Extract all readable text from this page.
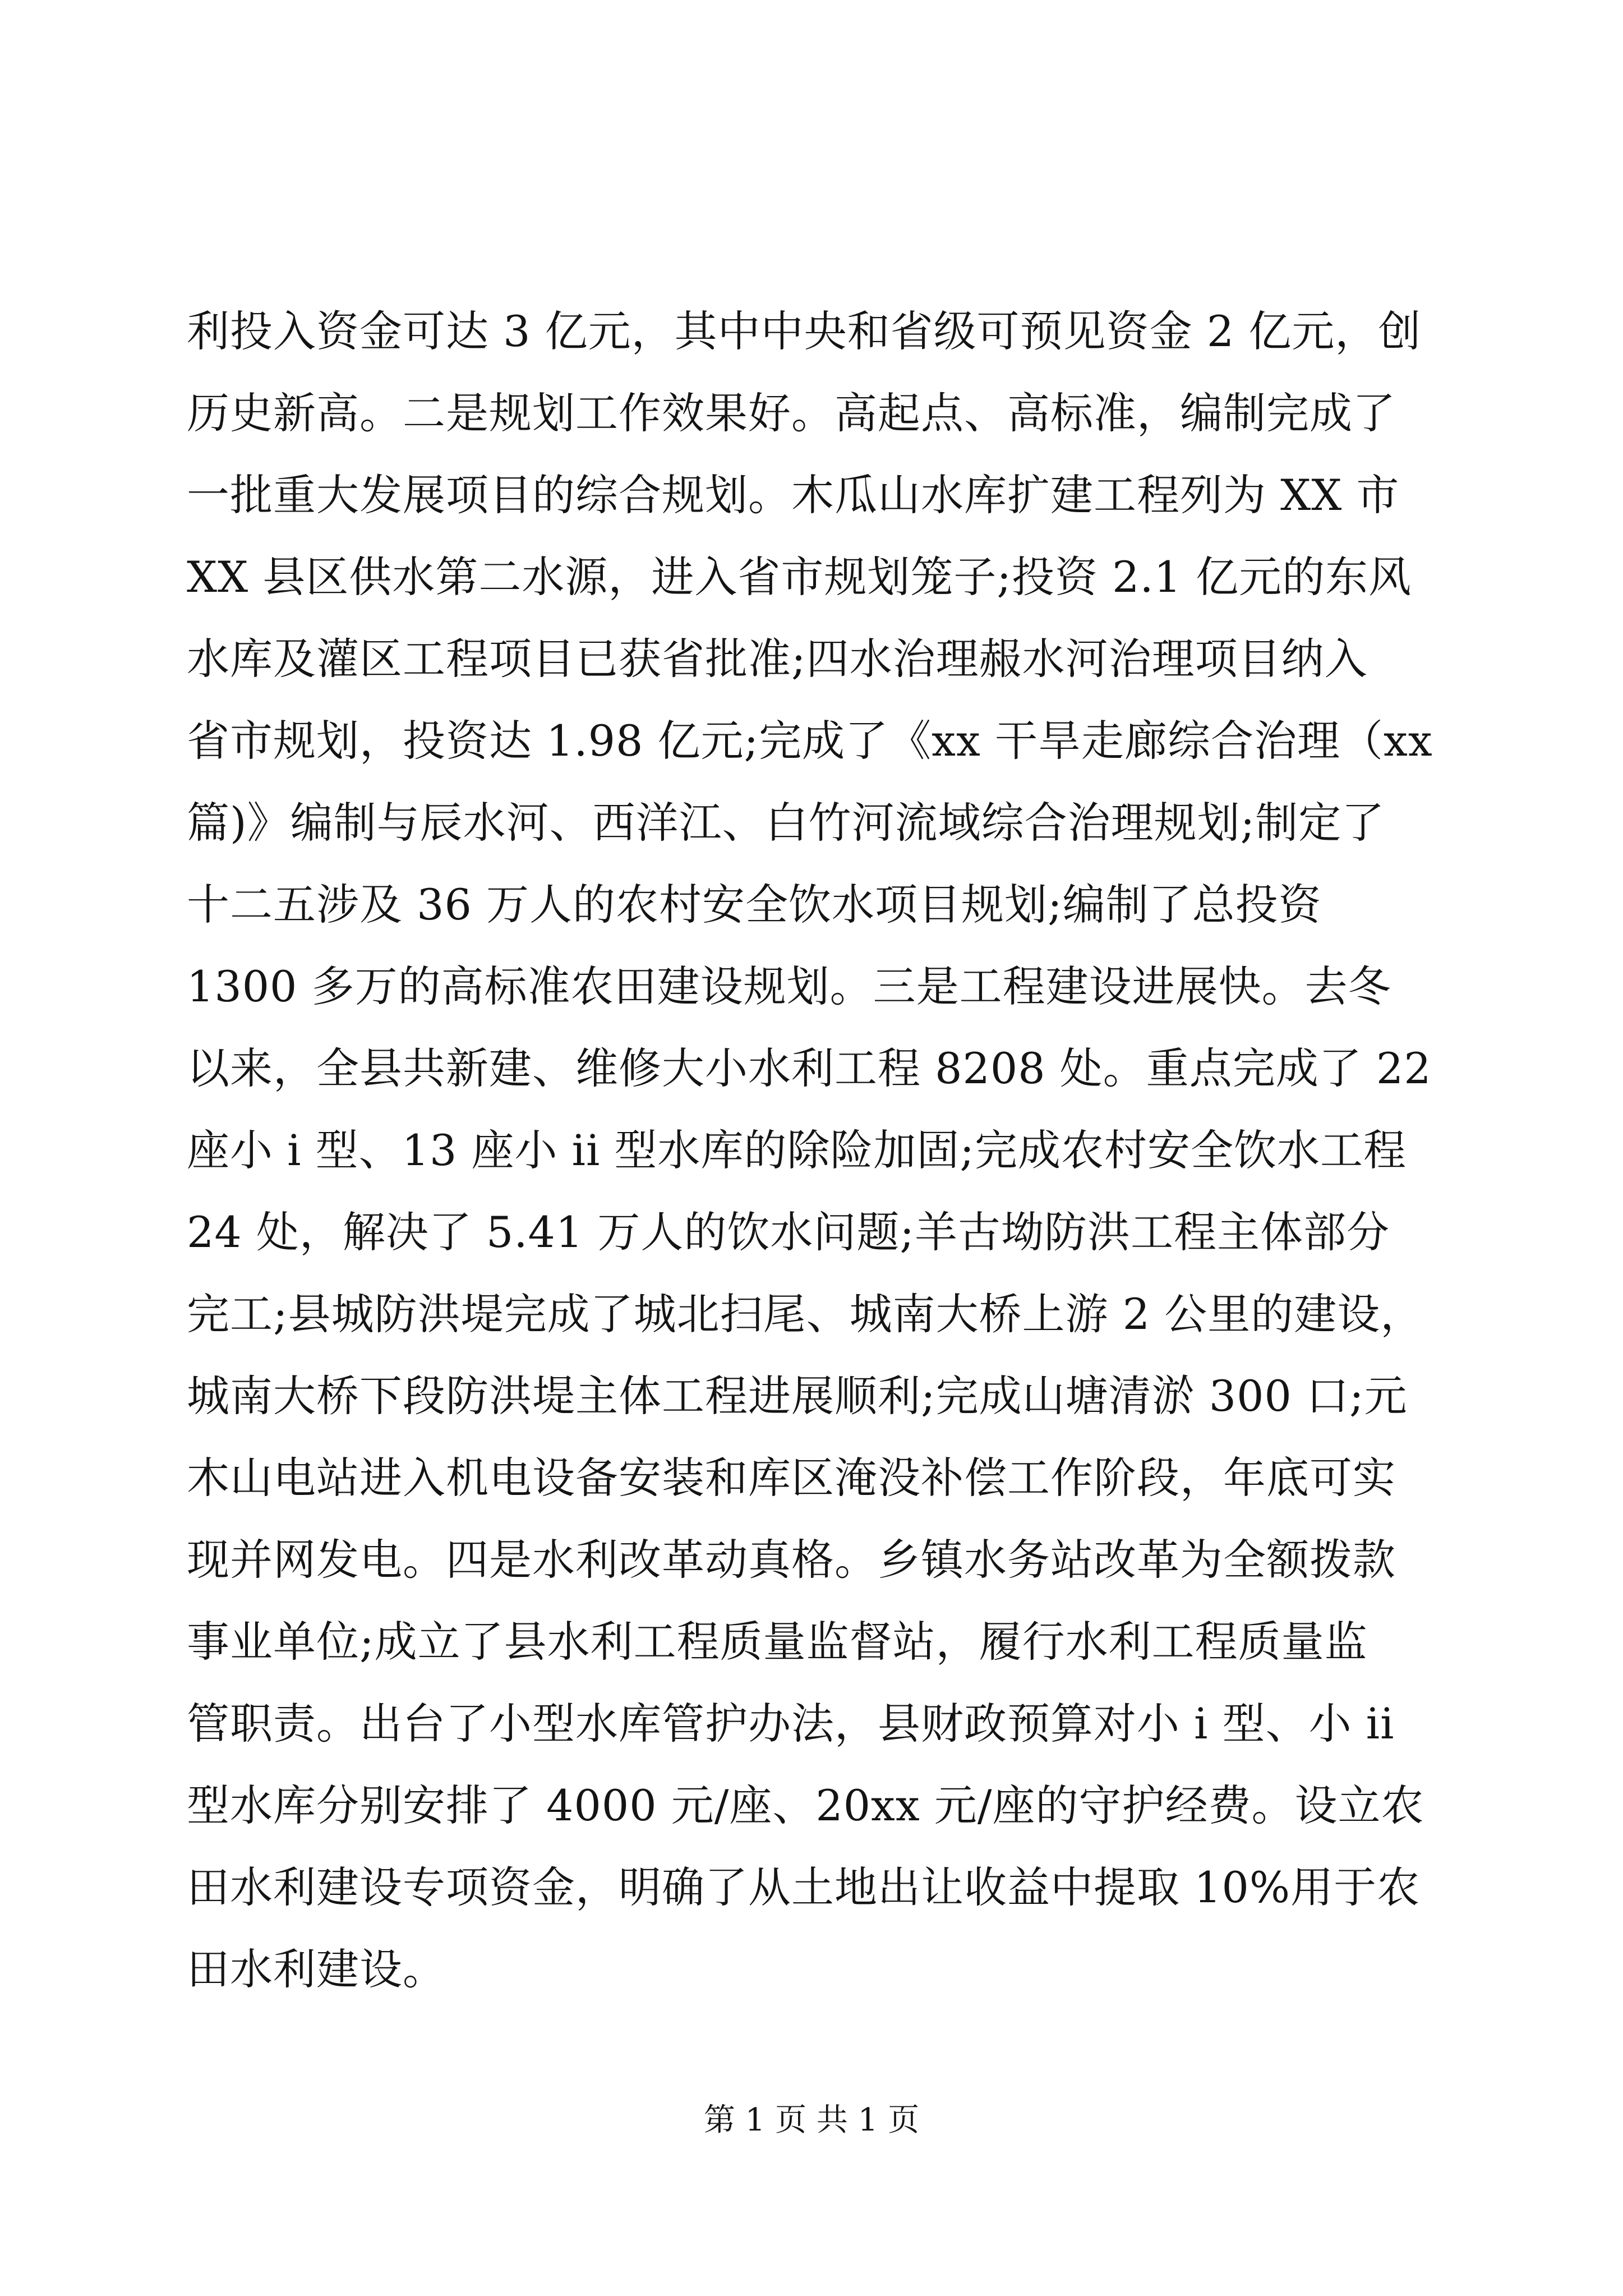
利投入资金可达 3 亿元，其中中央和省级可预见资金 2 亿元，创
历史新高。二是规划工作效果好。高起点、高标准，编制完成了
一批重大发展项目的综合规划。木瓜山水库扩建工程列为 XX 市
XX 县区供水第二水源，进入省市规划笼子;投资 2.1 亿元的东风
水库及灌区工程项目已获省批准;四水治理赧水河治理项目纳入
省市规划，投资达 1.98 亿元;完成了《xx 干旱走廊综合治理（xx
篇)》编制与辰水河、西洋江、白竹河流域综合治理规划;制定了
十二五涉及 36 万人的农村安全饮水项目规划;编制了总投资
1300 多万的高标准农田建设规划。三是工程建设进展快。去冬
以来，全县共新建、维修大小水利工程 8208 处。重点完成了 22
座小 i 型、13 座小 ii 型水库的除险加固;完成农村安全饮水工程
24 处，解决了 5.41 万人的饮水问题;羊古坳防洪工程主体部分
完工;县城防洪堤完成了城北扫尾、城南大桥上游 2 公里的建设，
城南大桥下段防洪堤主体工程进展顺利;完成山塘清淤 300 口;元
木山电站进入机电设备安装和库区淹没补偿工作阶段，年底可实
现并网发电。四是水利改革动真格。乡镇水务站改革为全额拨款
事业单位;成立了县水利工程质量监督站，履行水利工程质量监
管职责。出台了小型水库管护办法，县财政预算对小 i 型、小 ii
型水库分别安排了 4000 元/座、20xx 元/座的守护经费。设立农
田水利建设专项资金，明确了从土地出让收益中提取 10%用于农
田水利建设。
第 1 页 共 1 页
